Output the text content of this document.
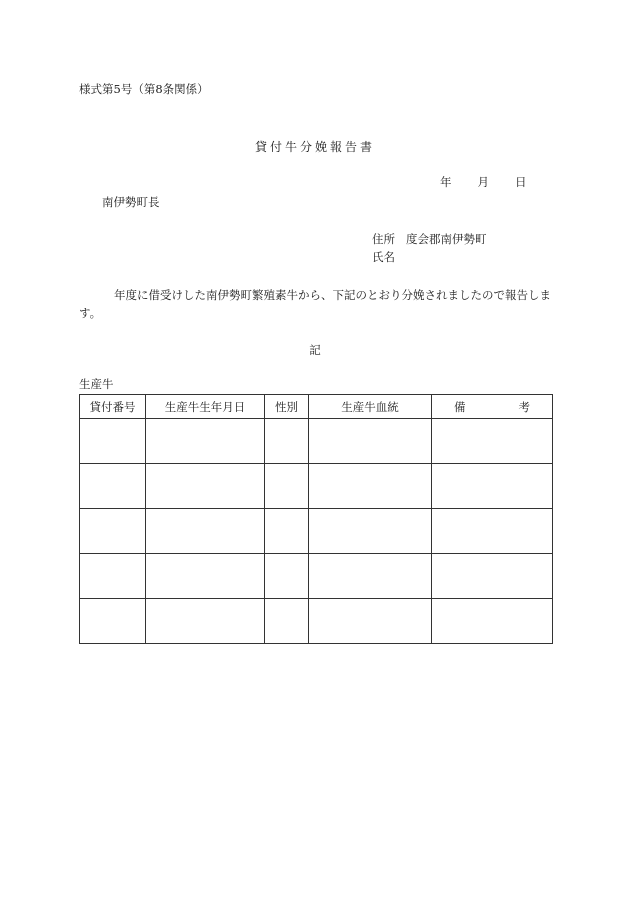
様式第5号（第8条関係）
貸付牛分娩報告書
年 月 日
南伊勢町長
住所 度会郡南伊勢町
氏名
年度に借受けした南伊勢町繁殖素牛から、下記のとおり分娩されましたので報告します。
記
生産牛
貸付番号	生産牛生年月日	性別	生産牛血統	備 考
